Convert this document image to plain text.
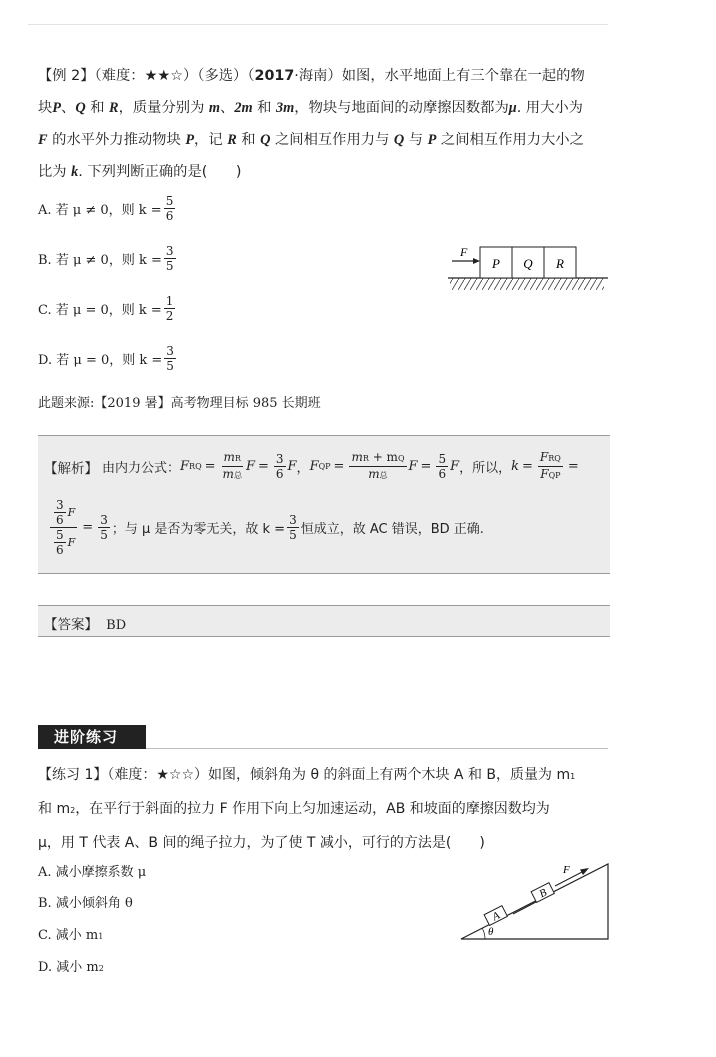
【例 2】（难度：★★☆）（多选）（2017·海南）如图，水平地面上有三个靠在一起的物
块P、Q 和 R，质量分别为 m、2m 和 3m，物块与地面间的动摩擦因数都为μ. 用大小为
F 的水平外力推动物块 P，记 R 和 Q 之间相互作用力与 Q 与 P 之间相互作用力大小之
比为 k. 下列判断正确的是(　　)
A. 若 μ ≠ 0，则 $k = \frac{5}{6}$
B. 若 μ ≠ 0，则 $k = \frac{3}{5}$
C. 若 μ = 0，则 $k = \frac{1}{2}$
D. 若 μ = 0，则 $k = \frac{3}{5}$
P Q R
F
此题来源:【2019 暑】高考物理目标 985 长期班
【解析】 由内力公式： F RQ = $\frac{mR}{\text{m总}}$ $F = \frac{3}{6}$ F ， F QP = $\frac{mR + mQ}{\text{m总}}$ $F = \frac{5}{6}$ F ，所以， $k = \frac{\text{FRQ}}{\text{FQP}}$ =
$\frac{\frac{3}{6} F}{\frac{5}{6} F} = \frac{3}{5}$ ；与 μ 是否为零无关，故 $k = \frac{3}{5}$ 恒成立，故 AC 错误，BD 正确.
【答案】 BD
进阶练习
【练习 1】（难度：★☆☆）如图，倾斜角为 θ 的斜面上有两个木块 A 和 B，质量为 m1
和 m2，在平行于斜面的拉力 F 作用下向上匀加速运动，AB 和坡面的摩擦因数均为
μ，用 T 代表 A、B 间的绳子拉力，为了使 T 减小，可行的方法是(　　)
A. 减小摩擦系数 μ
B. 减小倾斜角 θ
C. 减小 m1
D. 减小 m2
A
B
F
θ
